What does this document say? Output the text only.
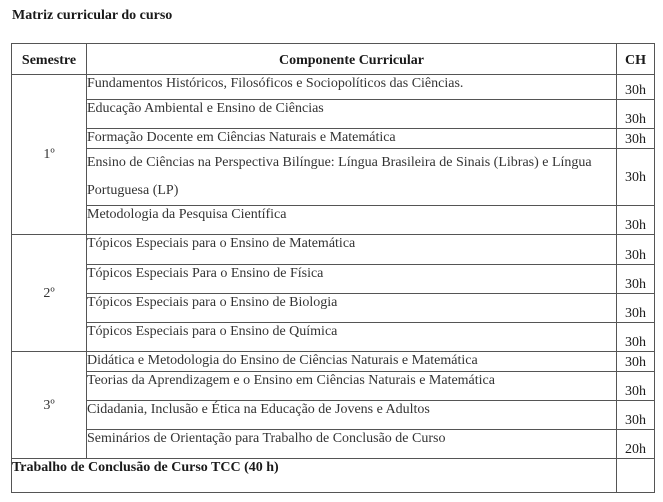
Matriz curricular do curso
Semestre	Componente Curricular	CH
1º	Fundamentos Históricos, Filosóficos e Sociopolíticos das Ciências.	30h
	Educação Ambiental e Ensino de Ciências	30h
	Formação Docente em Ciências Naturais e Matemática	30h
	Ensino de Ciências na Perspectiva Bilíngue: Língua Brasileira de Sinais (Libras) e Língua Portuguesa (LP)	30h
	Metodologia da Pesquisa Científica	30h
2º	Tópicos Especiais para o Ensino de Matemática	30h
	Tópicos Especiais Para o Ensino de Física	30h
	Tópicos Especiais para o Ensino de Biologia	30h
	Tópicos Especiais para o Ensino de Química	30h
3º	Didática e Metodologia do Ensino de Ciências Naturais e Matemática	30h
	Teorias da Aprendizagem e o Ensino em Ciências Naturais e Matemática	30h
	Cidadania, Inclusão e Ética na Educação de Jovens e Adultos	30h
	Seminários de Orientação para Trabalho de Conclusão de Curso	20h
Trabalho de Conclusão de Curso TCC (40 h)		
